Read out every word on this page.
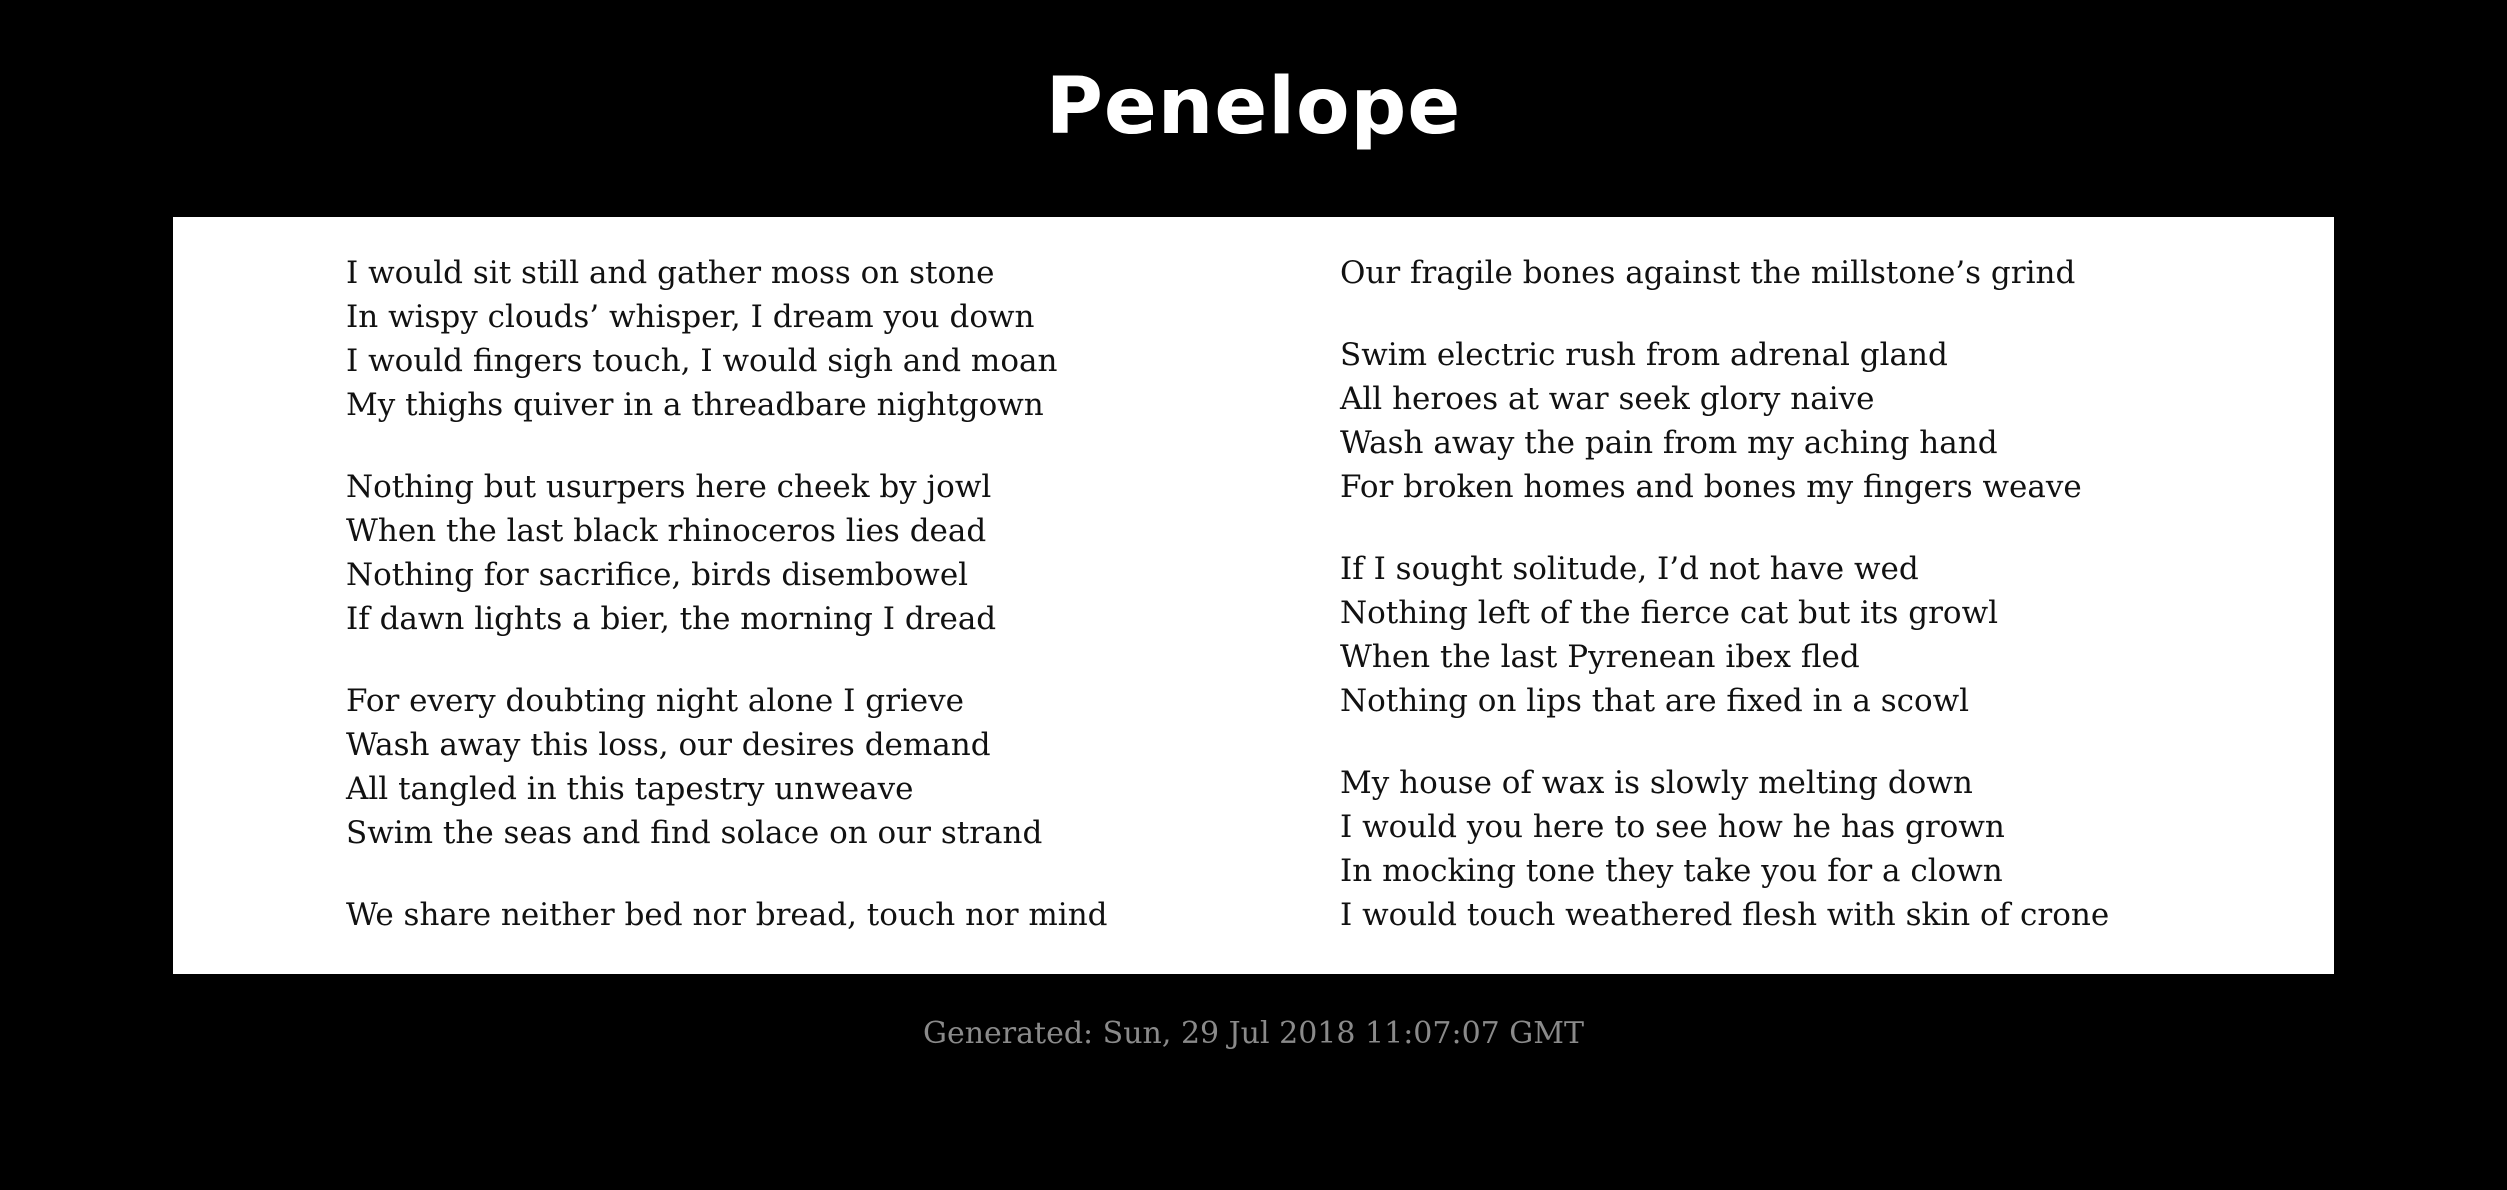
Penelope
I would sit still and gather moss on stone
In wispy clouds’ whisper, I dream you down
I would fingers touch, I would sigh and moan
My thighs quiver in a threadbare nightgown
Nothing but usurpers here cheek by jowl
When the last black rhinoceros lies dead
Nothing for sacrifice, birds disembowel
If dawn lights a bier, the morning I dread
For every doubting night alone I grieve
Wash away this loss, our desires demand
All tangled in this tapestry unweave
Swim the seas and find solace on our strand
We share neither bed nor bread, touch nor mind
Our fragile bones against the millstone’s grind
Swim electric rush from adrenal gland
All heroes at war seek glory naive
Wash away the pain from my aching hand
For broken homes and bones my fingers weave
If I sought solitude, I’d not have wed
Nothing left of the fierce cat but its growl
When the last Pyrenean ibex fled
Nothing on lips that are fixed in a scowl
My house of wax is slowly melting down
I would you here to see how he has grown
In mocking tone they take you for a clown
I would touch weathered flesh with skin of crone
Generated: Sun, 29 Jul 2018 11:07:07 GMT
